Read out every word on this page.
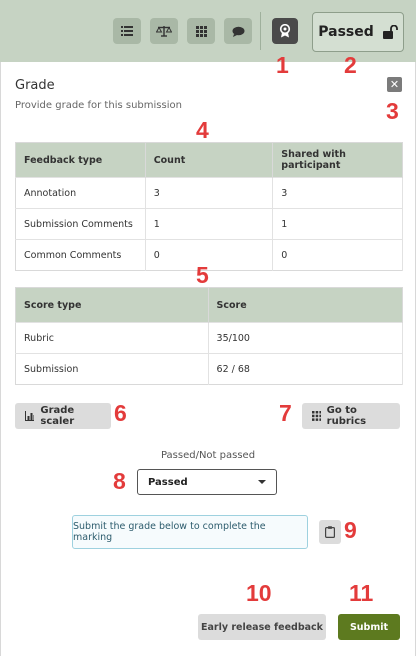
Passed
Grade
Provide grade for this submission
✕
Feedback type	Count	Shared with participant
Annotation	3	3
Submission Comments	1	1
Common Comments	0	0
Score type	Score
Rubric	35/100
Submission	62 / 68
Grade scaler
Go to rubrics
Passed/Not passed
Passed
Submit the grade below to complete the marking
Early release feedback	Submit
1 2
3
4
5
6	7
8
9
10	11
